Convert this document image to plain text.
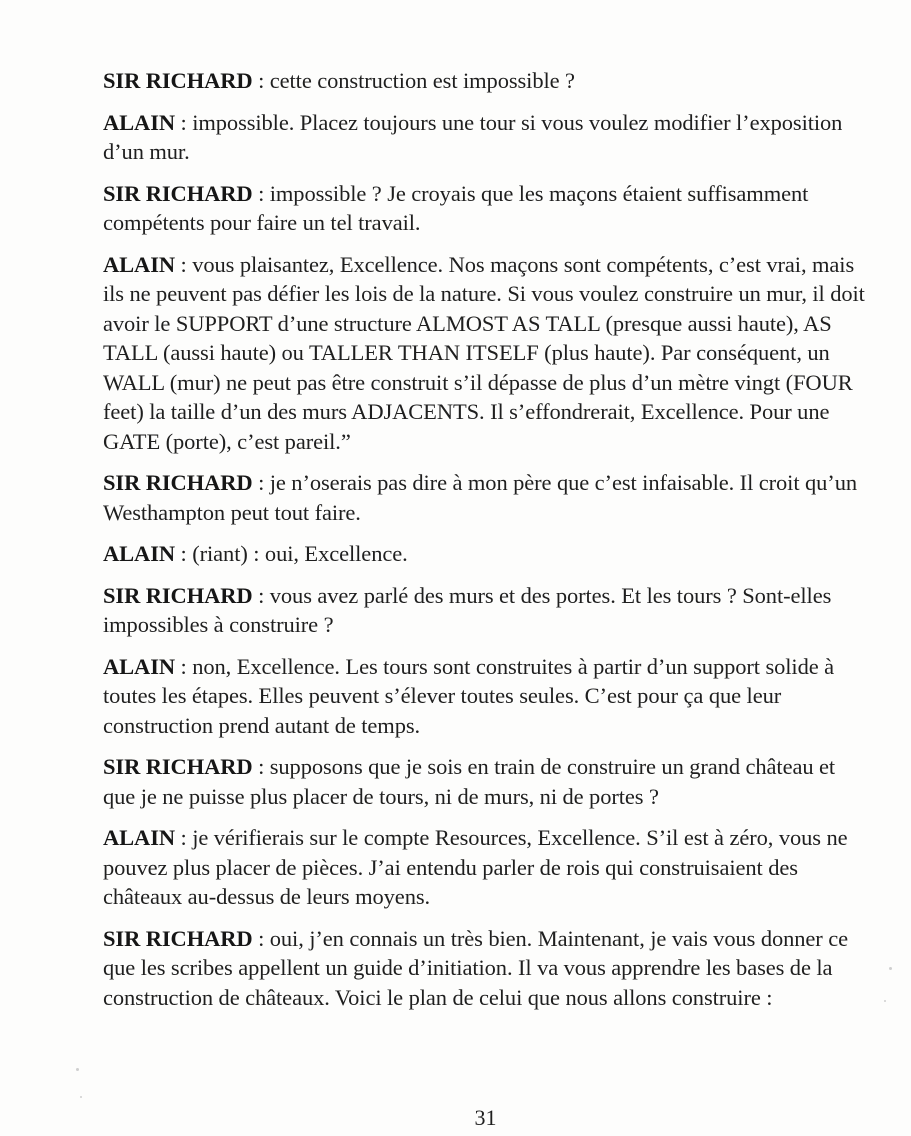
SIR RICHARD : cette construction est impossible ?

ALAIN : impossible. Placez toujours une tour si vous voulez modifier l’exposition d’un mur.

SIR RICHARD : impossible ? Je croyais que les maçons étaient suffisamment compétents pour faire un tel travail.

ALAIN : vous plaisantez, Excellence. Nos maçons sont compétents, c’est vrai, mais ils ne peuvent pas défier les lois de la nature. Si vous voulez construire un mur, il doit avoir le SUPPORT d’une structure ALMOST AS TALL (presque aussi haute), AS TALL (aussi haute) ou TALLER THAN ITSELF (plus haute). Par conséquent, un WALL (mur) ne peut pas être construit s’il dépasse de plus d’un mètre vingt (FOUR feet) la taille d’un des murs ADJACENTS. Il s’effondrerait, Excellence. Pour une GATE (porte), c’est pareil.”

SIR RICHARD : je n’oserais pas dire à mon père que c’est infaisable. Il croit qu’un Westhampton peut tout faire.

ALAIN : (riant) : oui, Excellence.

SIR RICHARD : vous avez parlé des murs et des portes. Et les tours ? Sont-elles impossibles à construire ?

ALAIN : non, Excellence. Les tours sont construites à partir d’un support solide à toutes les étapes. Elles peuvent s’élever toutes seules. C’est pour ça que leur construction prend autant de temps.

SIR RICHARD : supposons que je sois en train de construire un grand château et que je ne puisse plus placer de tours, ni de murs, ni de portes ?

ALAIN : je vérifierais sur le compte Resources, Excellence. S’il est à zéro, vous ne pouvez plus placer de pièces. J’ai entendu parler de rois qui construisaient des châteaux au-dessus de leurs moyens.

SIR RICHARD : oui, j’en connais un très bien. Maintenant, je vais vous donner ce que les scribes appellent un guide d’initiation. Il va vous apprendre les bases de la construction de châteaux. Voici le plan de celui que nous allons construire :

31
